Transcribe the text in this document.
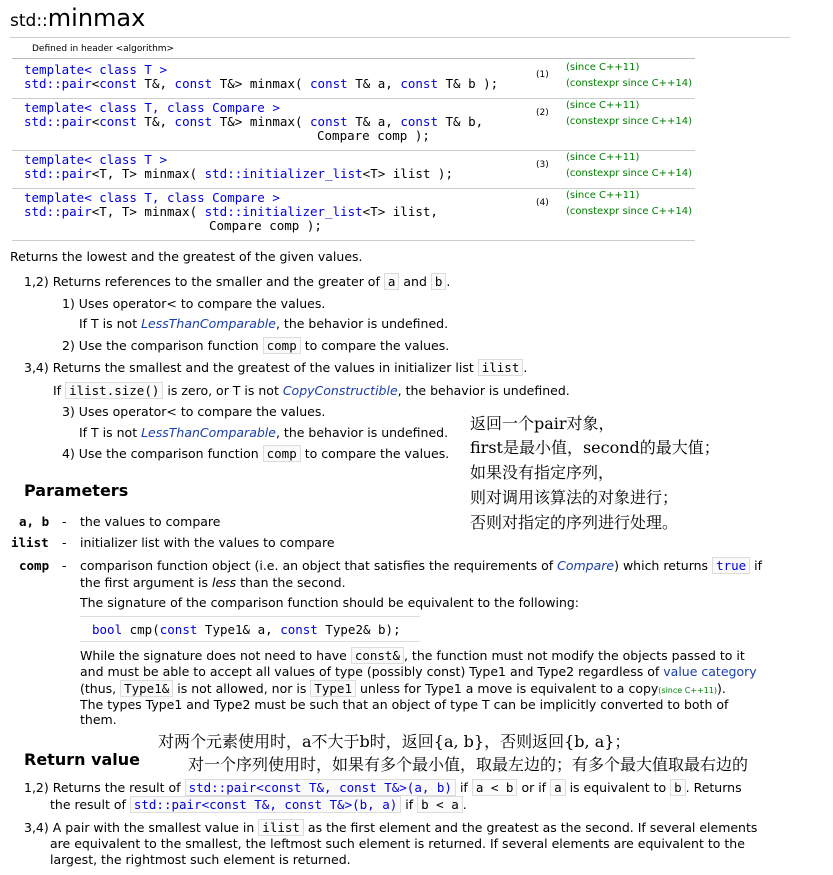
std::minmax
Defined in header <algorithm>
template< class T >
std::pair<const T&, const T&> minmax( const T& a, const T& b );
(1)
(since C++11)
(constexpr since C++14)
template< class T, class Compare >
std::pair<const T&, const T&> minmax( const T& a, const T& b,
Compare comp );
(2)
(since C++11)
(constexpr since C++14)
template< class T >
std::pair<T, T> minmax( std::initializer_list<T> ilist );
(3)
(since C++11)
(constexpr since C++14)
template< class T, class Compare >
std::pair<T, T> minmax( std::initializer_list<T> ilist,
Compare comp );
(4)
(since C++11)
(constexpr since C++14)
Returns the lowest and the greatest of the given values.
1,2) Returns references to the smaller and the greater of a and b .
1) Uses operator< to compare the values.
If T is not LessThanComparable, the behavior is undefined.
2) Use the comparison function comp to compare the values.
3,4) Returns the smallest and the greatest of the values in initializer list ilist .
If ilist.size() is zero, or T is not CopyConstructible, the behavior is undefined.
3) Uses operator< to compare the values.
If T is not LessThanComparable, the behavior is undefined.
4) Use the comparison function comp to compare the values.
返回一个pair对象，
first是最小值，second的最大值；
如果没有指定序列，
则对调用该算法的对象进行；
否则对指定的序列进行处理。
Parameters
a, b - the values to compare
ilist - initializer list with the values to compare
comp - comparison function object (i.e. an object that satisfies the requirements of Compare) which returns true if
the first argument is less than the second.
The signature of the comparison function should be equivalent to the following:
bool cmp(const Type1& a, const Type2& b);
While the signature does not need to have const& , the function must not modify the objects passed to it
and must be able to accept all values of type (possibly const) Type1 and Type2 regardless of value category
(thus, Type1& is not allowed, nor is Type1 unless for Type1 a move is equivalent to a copy(since C++11)).
The types Type1 and Type2 must be such that an object of type T can be implicitly converted to both of
them.
对两个元素使用时，a不大于b时，返回{a, b}，否则返回{b, a}；
对一个序列使用时，如果有多个最小值，取最左边的；有多个最大值取最右边的
Return value
1,2) Returns the result of std::pair<const T&, const T&>(a, b) if a < b or if a is equivalent to b . Returns
the result of std::pair<const T&, const T&>(b, a) if b < a .
3,4) A pair with the smallest value in ilist as the first element and the greatest as the second. If several elements
are equivalent to the smallest, the leftmost such element is returned. If several elements are equivalent to the
largest, the rightmost such element is returned.
